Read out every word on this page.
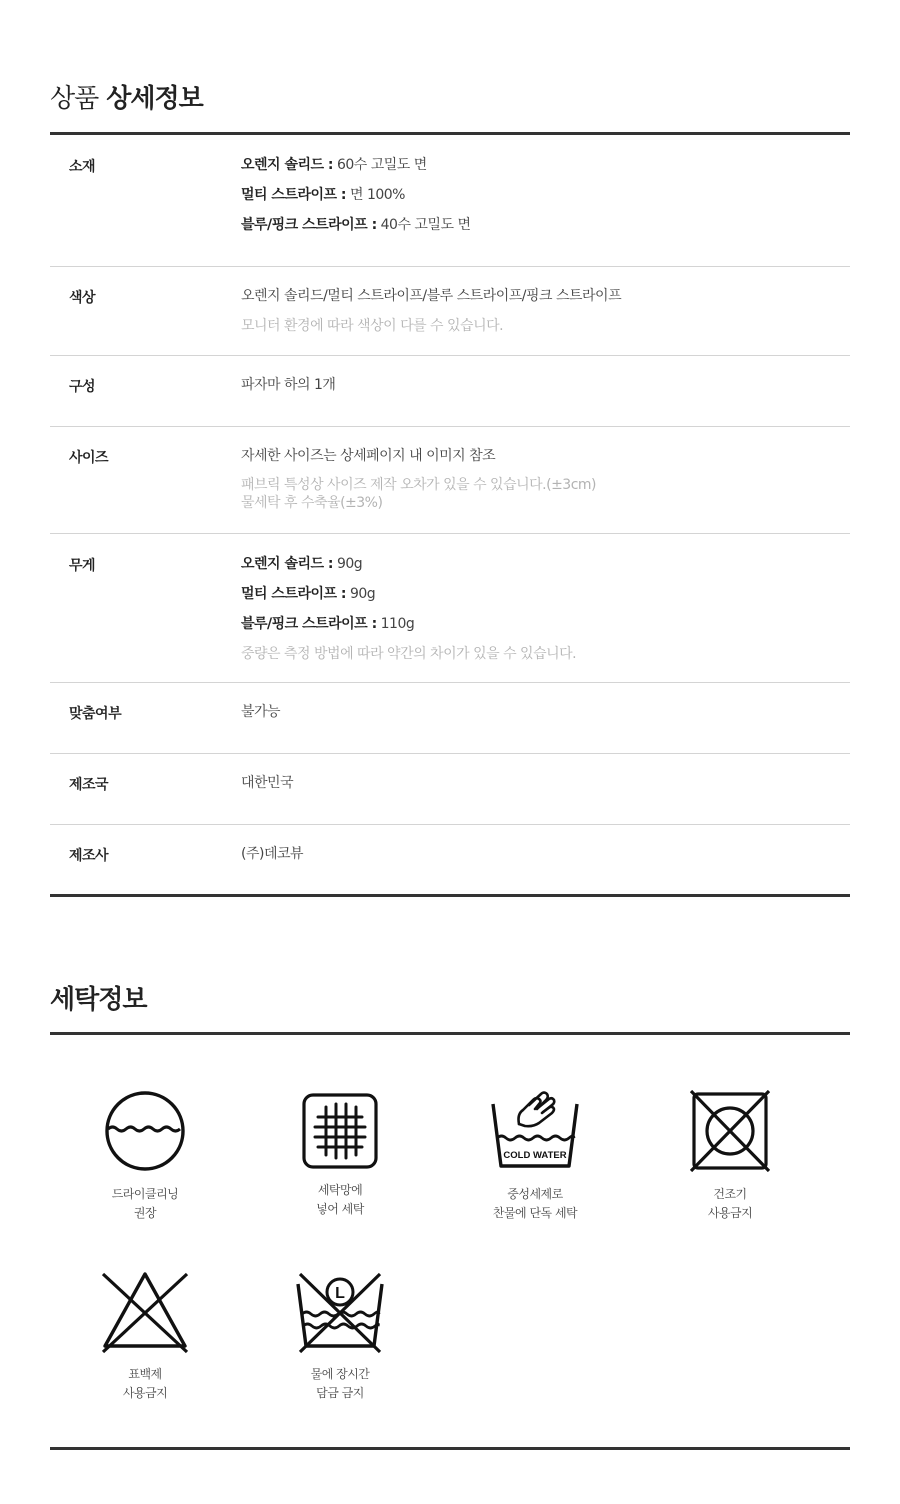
상품 상세정보
소재	오렌지 솔리드 : 60수 고밀도 면
멀티 스트라이프 : 면 100%
블루/핑크 스트라이프 : 40수 고밀도 면
색상	오렌지 솔리드/멀티 스트라이프/블루 스트라이프/핑크 스트라이프
모니터 환경에 따라 색상이 다를 수 있습니다.
구성	파자마 하의 1개
사이즈	자세한 사이즈는 상세페이지 내 이미지 참조
패브릭 특성상 사이즈 제작 오차가 있을 수 있습니다.(±3cm)
물세탁 후 수축율(±3%)
무게	오렌지 솔리드 : 90g
멀티 스트라이프 : 90g
블루/핑크 스트라이프 : 110g
중량은 측정 방법에 따라 약간의 차이가 있을 수 있습니다.
맞춤여부	불가능
제조국	대한민국
제조사	(주)데코뷰
세탁정보
드라이클리닝
권장
세탁망에
넣어 세탁
COLD WATER
중성세제로
찬물에 단독 세탁
건조기
사용금지
표백제
사용금지
L
물에 장시간
담금 금지
